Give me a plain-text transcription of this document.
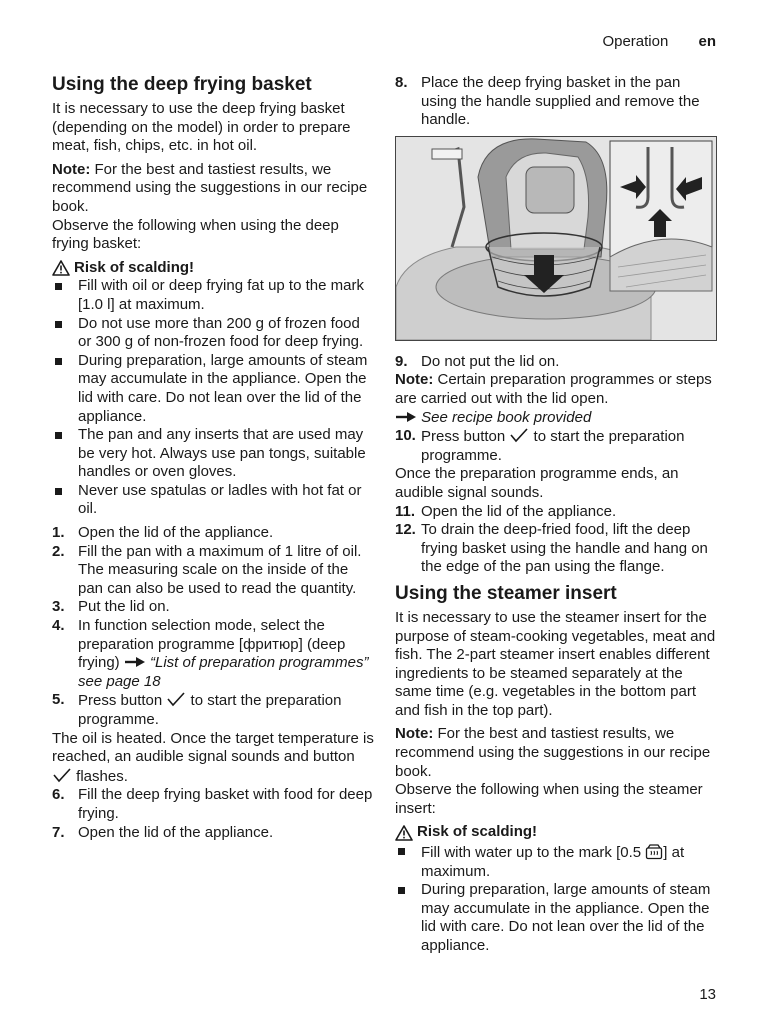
Operation en
Using the deep frying basket

It is necessary to use the deep frying basket (depending on the model) in order to prepare meat, fish, chips, etc. in hot oil.

Note: For the best and tastiest results, we recommend using the suggestions in our recipe book.

Observe the following when using the deep frying basket:

Risk of scalding!
Fill with oil or deep frying fat up to the mark [1.0 l] at maximum.
Do not use more than 200 g of frozen food or 300 g of non-frozen food for deep frying.
During preparation, large amounts of steam may accumulate in the appliance. Open the lid with care. Do not lean over the lid of the appliance.
The pan and any inserts that are used may be very hot. Always use pan tongs, suitable handles or oven gloves.
Never use spatulas or ladles with hot fat or oil.
1. Open the lid of the appliance.
2. Fill the pan with a maximum of 1 litre of oil. The measuring scale on the inside of the pan can also be used to read the quantity.
3. Put the lid on.
4. In function selection mode, select the preparation programme [фритюр] (deep frying)  “List of preparation programmes” see page 18
5. Press button  to start the preparation programme.

The oil is heated. Once the target temperature is reached, an audible signal sounds and button  flashes.

6. Fill the deep frying basket with food for deep frying.
7. Open the lid of the appliance.
8. Place the deep frying basket in the pan using the handle supplied and remove the handle.
9. Do not put the lid on.

Note: Certain preparation programmes or steps are carried out with the lid open.

See recipe book provided

10. Press button  to start the preparation programme.

Once the preparation programme ends, an audible signal sounds.

11. Open the lid of the appliance.
12. To drain the deep-fried food, lift the deep frying basket using the handle and hang on the edge of the pan using the flange.
Using the steamer insert

It is necessary to use the steamer insert for the purpose of steam-cooking vegetables, meat and fish. The 2-part steamer insert enables different ingredients to be steamed separately at the same time (e.g. vegetables in the bottom part and fish in the top part).

Note: For the best and tastiest results, we recommend using the suggestions in our recipe book.

Observe the following when using the steamer insert:

Risk of scalding!
Fill with water up to the mark [0.5 ] at maximum.
During preparation, large amounts of steam may accumulate in the appliance. Open the lid with care. Do not lean over the lid of the appliance.
13
